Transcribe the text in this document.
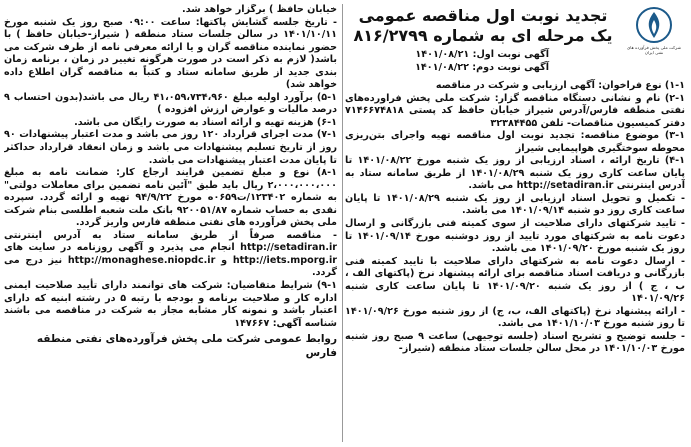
شرکت ملی پخش فرآورده های نفتی ایران
تجدید نوبت اول مناقصه عمومی
یک مرحله ای به شماره ۸۱۶/۲۷۹۹
آگهی نوبت اول: ۱۴۰۱/۰۸/۲۱
آگهی نوبت دوم: ۱۴۰۱/۰۸/۲۲

۱-۱) نوع فراخوان: آگهی ارزیابی و شرکت در مناقصه

۲-۱) نام و نشانی دستگاه مناقصه گزار: شرکت ملی پخش فراورده‌های نفتی منطقه فارس/آدرس شیراز خیابان حافظ کد پستی ۷۱۴۶۶۷۴۸۱۸ دفتر کمیسیون مناقصات- تلفن ۳۲۳۸۴۴۵۵

۳-۱) موضوع مناقصه: تجدید نوبت اول مناقصه تهیه واجرای بتن‌ریزی محوطه سوختگیری هواپیمایی شیراز

۴-۱) تاریخ ارائه ، اسناد ارزیابی از روز یک شنبه مورخ ۱۴۰۱/۰۸/۲۲ تا پایان ساعت کاری روز یک شنبه ۱۴۰۱/۰۸/۲۹ از طریق سامانه ستاد به آدرس اینترنتی http://setadiran.ir می باشد.

- تکمیل و تحویل اسناد ارزیابی از روز یک شنبه ۱۴۰۱/۰۸/۲۹ تا پایان ساعت کاری روز دو شنبه ۱۴۰۱/۰۹/۱۴ می باشد.

- تایید شرکتهای دارای صلاحیت از سوی کمیته فنی بازرگانی و ارسال دعوت نامه به شرکتهای مورد تایید از روز دوشنبه مورخ ۱۴۰۱/۰۹/۱۴ تا روز یک شنبه مورخ ۱۴۰۱/۰۹/۲۰ می باشد.

- ارسال دعوت نامه به شرکتهای دارای صلاحیت با تایید کمیته فنی بازرگانی و دریافت اسناد مناقصه برای ارائه پیشنهاد نرخ (پاکتهای الف ، ب ، ج ) از روز یک شنبه ۱۴۰۱/۰۹/۲۰ تا پایان ساعت کاری شنبه ۱۴۰۱/۰۹/۲۶

- ارائه پیشنهاد نرخ (پاکتهای الف، ب، ج) از روز شنبه مورخ ۱۴۰۱/۰۹/۲۶ تا روز شنبه مورخ ۱۴۰۱/۱۰/۰۳ می باشد.

- جلسه توضیح و تشریح اسناد (جلسه توجیهی) ساعت ۹ صبح روز شنبه مورخ ۱۴۰۱/۱۰/۰۳ در محل سالن جلسات ستاد منطقه (شیراز-

خیابان حافظ ) برگزار خواهد شد.

- تاریخ جلسه گشایش پاکتها: ساعت ۰۹:۰۰ صبح روز یک شنبه مورخ ۱۴۰۱/۱۰/۱۱ در سالن جلسات ستاد منطقه ( شیراز-خیابان حافظ ) با حضور نماینده مناقصه گران و یا ارائه معرفی نامه از طرف شرکت می باشد( لازم به ذکر است در صورت هرگونه تغییر در زمان ، برنامه زمان بندی جدید از طریق سامانه ستاد و کتباً به مناقصه گران اطلاع داده خواهد شد)

۵-۱) برآورد اولیه مبلغ ۴۱،۰۵۹،۷۳۴،۹۶۰ ریال می باشد(بدون احتساب ۹ درصد مالیات و عوارض ارزش افزوده )

۶-۱) هزینه تهیه و ارائه اسناد به صورت رایگان می باشد.

۷-۱) مدت اجرای قرارداد ۱۲۰ روز می باشد و مدت اعتبار پیشنهادات ۹۰ روز از تاریخ تسلیم پیشنهادات می باشد و زمان انعقاد قرارداد حداکثر تا پایان مدت اعتبار پیشنهادات می باشد.

۸-۱) نوع و مبلغ تضمین فرایند ارجاع کار: ضمانت نامه به مبلغ ۲،۰۰۰،۰۰۰،۰۰۰ ریال باید طبق "آئین نامه تضمین برای معاملات دولتی" به شماره ۱۲۳۴۰۲/ت۰۶۵۹ه مورخ ۹۴/۹/۲۲ تهیه و ارائه گردد. سپرده نقدی به حساب شماره ۹۲۰۰۵۱/۸۷ بانک ملت شعبه اطلسی بنام شرکت ملی پخش فرآورده های نفتی منطقه فارس واریز گردد.

- مناقصه صرفاً از طریق سامانه ستاد به آدرس اینترنتی http://setadiran.ir انجام می پذیرد و آگهی روزنامه در سایت های http://iets.mporg.ir و http://monaghese.niopdc.ir نیز درج می گردد.

۹-۱) شرایط متقاضیان: شرکت های توانمند دارای تأیید صلاحیت ایمنی اداره کار و صلاحیت برنامه و بودجه با رتبه ۵ در رشته ابنیه که دارای اعتبار باشد و نمونه کار مشابه مجاز به شرکت در مناقصه می باشند شناسه آگهی: ۱۴۷۶۶۷

روابط عمومی شرکت ملی پخش فرآورده‌های نفتی منطقه فارس
